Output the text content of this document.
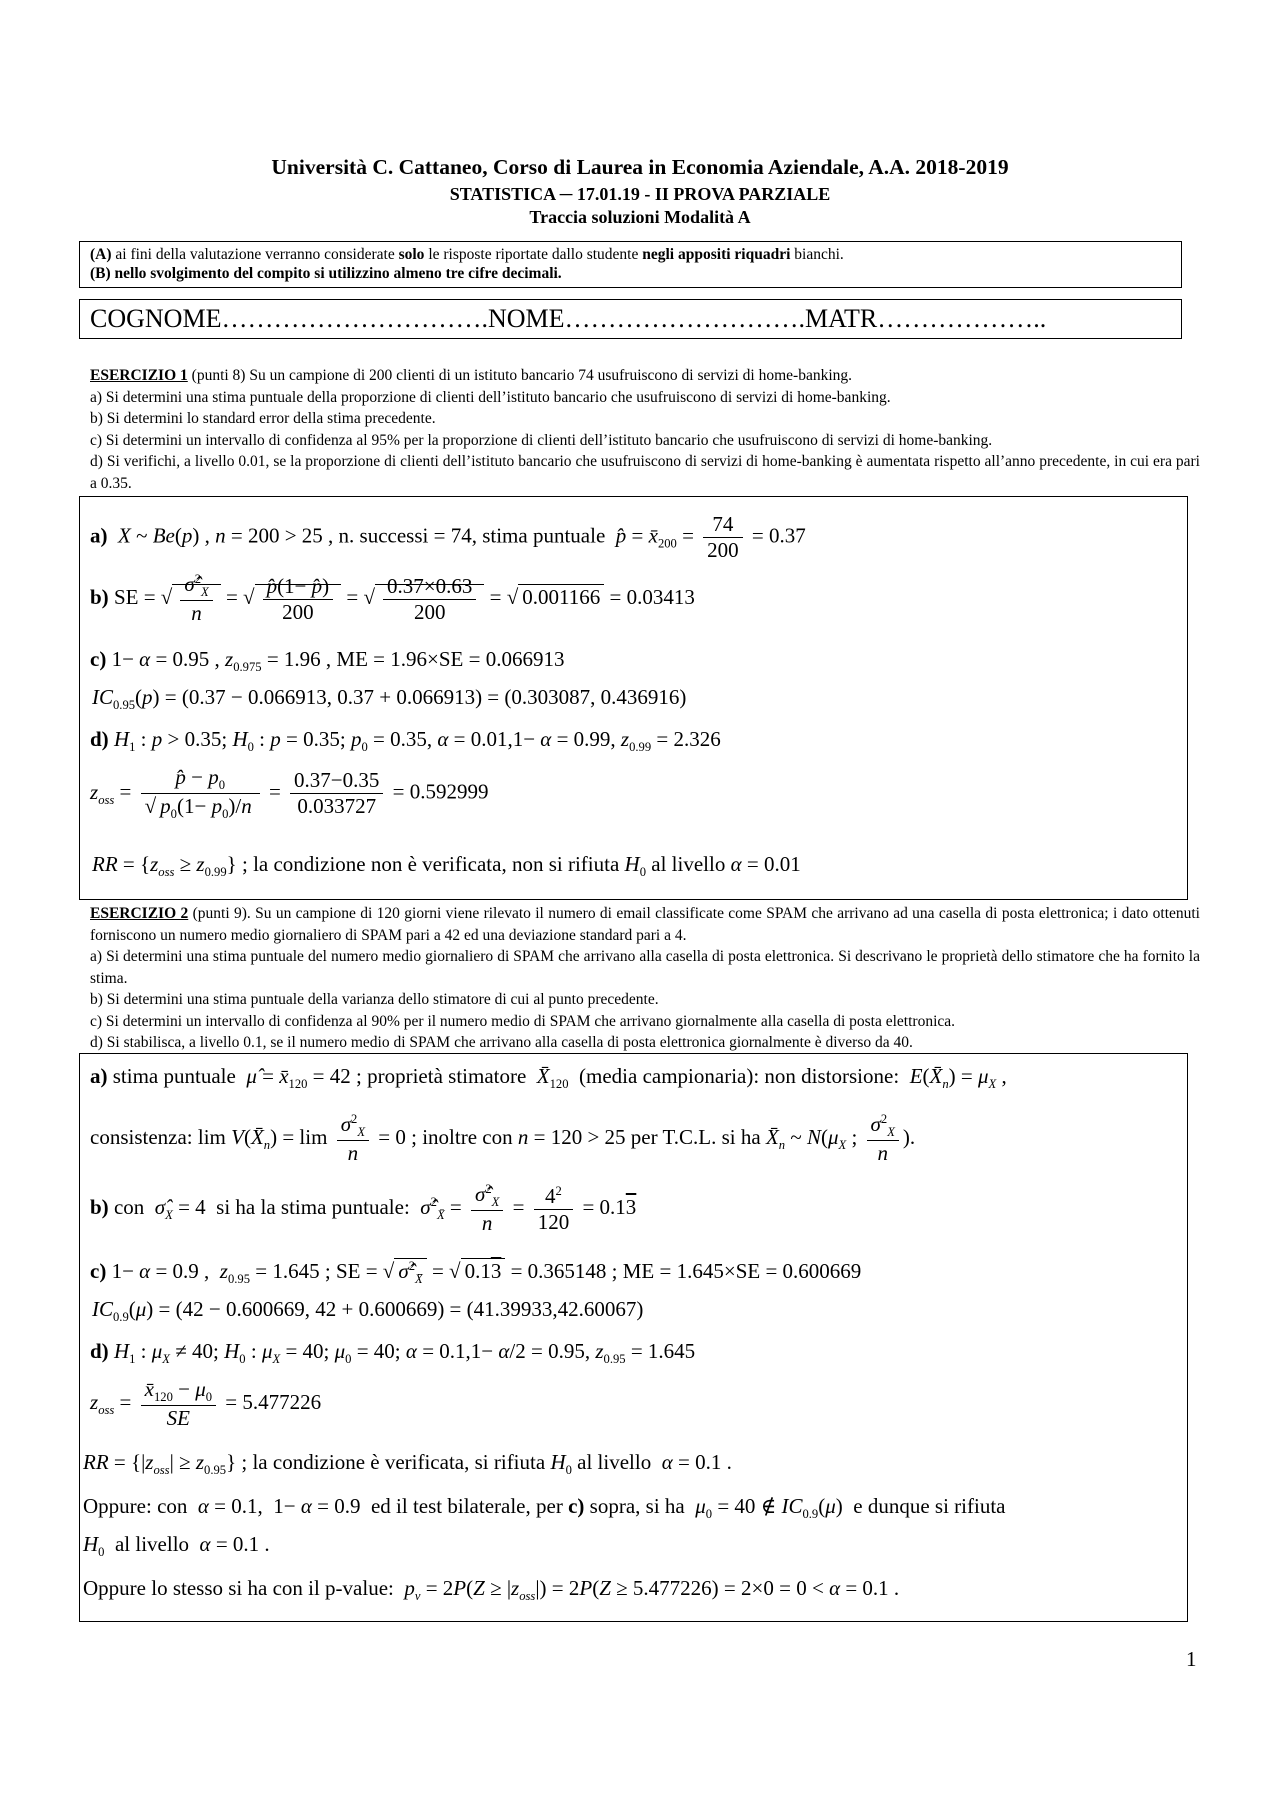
Università C. Cattaneo, Corso di Laurea in Economia Aziendale, A.A. 2018-2019
STATISTICA ─ 17.01.19 - II PROVA PARZIALE
Traccia soluzioni Modalità A
(A) ai fini della valutazione verranno considerate solo le risposte riportate dallo studente negli appositi riquadri bianchi.
(B) nello svolgimento del compito si utilizzino almeno tre cifre decimali.
COGNOME………………………….NOME……………………….MATR………………..

ESERCIZIO 1 (punti 8) Su un campione di 200 clienti di un istituto bancario 74 usufruiscono di servizi di home-banking.

a) Si determini una stima puntuale della proporzione di clienti dell’istituto bancario che usufruiscono di servizi di home-banking.

b) Si determini lo standard error della stima precedente.

c) Si determini un intervallo di confidenza al 95% per la proporzione di clienti dell’istituto bancario che usufruiscono di servizi di home-banking.

d) Si verifichi, a livello 0.01, se la proporzione di clienti dell’istituto bancario che usufruiscono di servizi di home-banking è aumentata rispetto all’anno precedente, in cui era pari a 0.35.

a) X ~ Be(p) , n = 200 > 25 , n. successi = 74, stima puntuale  p̂ = $x̄_{200} = \frac{74}{200} = 0.37$
b) SE = √ $\frac{\sigmâ^2_X}{n}$ = √ $\frac{p̂(1- p̂)}{200}$ = √ $\frac{0.37\times 0.63}{200}$ = √ 0.001166 = 0.03413
c) 1− α = 0.95 , $z_{0.975} = 1.96$ , ME = 1.96×SE = 0.066913
$IC_{0.95}(p) = (0.37 - 0.066913$, 0.37 + 0.066913) = (0.303087, 0.436916)
d) $H_1$ : p > 0.35; $H_0$ : p = 0.35; $p_0 = 0.35$, α = 0.01,1− α = 0.99, $z_{0.99} = 2.326$
$z_{oss} = \frac{p̂ - p_0}{√ p_0(1- p_0)/n} = \frac{0.37-0.35}{0.033727} = 0.592999$
RR = $\{z_{oss} \ge z_{0.99}\}$ ; la condizione non è verificata, non si rifiuta $H_0$ al livello α = 0.01

ESERCIZIO 2 (punti 9). Su un campione di 120 giorni viene rilevato il numero di email classificate come SPAM che arrivano ad una casella di posta elettronica; i dato ottenuti forniscono un numero medio giornaliero di SPAM pari a 42 ed una deviazione standard pari a 4.

a) Si determini una stima puntuale del numero medio giornaliero di SPAM che arrivano alla casella di posta elettronica. Si descrivano le proprietà dello stimatore che ha fornito la stima.

b) Si determini una stima puntuale della varianza dello stimatore di cui al punto precedente.

c) Si determini un intervallo di confidenza al 90% per il numero medio di SPAM che arrivano giornalmente alla casella di posta elettronica.

d) Si stabilisca, a livello 0.1, se il numero medio di SPAM che arrivano alla casella di posta elettronica giornalmente è diverso da 40.

a) stima puntuale  μ̂ = $x̄_{120} = 42$ ; proprietà stimatore  $X̄_{120}$  (media campionaria): non distorsione:  $E(X̄_n) = \mu_X$ ,
consistenza: $\lim V(X̄_n) = \lim \frac{\sigma^2_X}{n} = 0$ ; inoltre con n = 120 > 25 per T.C.L. si ha $X̄_n$ ~ $N(\mu_X$ ; $\frac{\sigma^2_X}{n}$ ).
b) con  $\sigmâ_X = 4$  si ha la stima puntuale:  σ̂$^2_{X̄}$ = $\frac{\sigmâ^2_X}{n} = \frac{4^2}{120} = 0.13$
c) 1− α = 0.9 ,  $z_{0.95} = 1.645$ ; SE = √ σ̂$^2_{X̄}$ = √ 0.13 = 0.365148 ; ME = 1.645×SE = 0.600669
$IC_{0.9}(\mu) = (42 - 0.600669$, 42 + 0.600669) = (41.39933,42.60067)
d) $H_1$ : $\mu_X \ne 40$; $H_0$ : $\mu_X = 40$; $\mu_0 = 40$; α = 0.1,1− α/2 = 0.95, $z_{0.95} = 1.645$
$z_{oss} = \frac{x̄_{120} - \mu_0}{SE} = 5.477226$
RR = $\{|z_{oss}| \ge z_{0.95}\}$ ; la condizione è verificata, si rifiuta $H_0$ al livello  α = 0.1 .
Oppure: con  α = 0.1,  1− α = 0.9  ed il test bilaterale, per c) sopra, si ha  $\mu_0 = 40$ ∉ $IC_{0.9}(\mu)$  e dunque si rifiuta
$H_0$  al livello  α = 0.1 .
Oppure lo stesso si ha con il p-value:  $p_v = 2P(Z \ge |z_{oss}|) = 2P(Z \ge 5.477226) = 2\times 0 = 0 < \alpha = 0.1$ .
1
